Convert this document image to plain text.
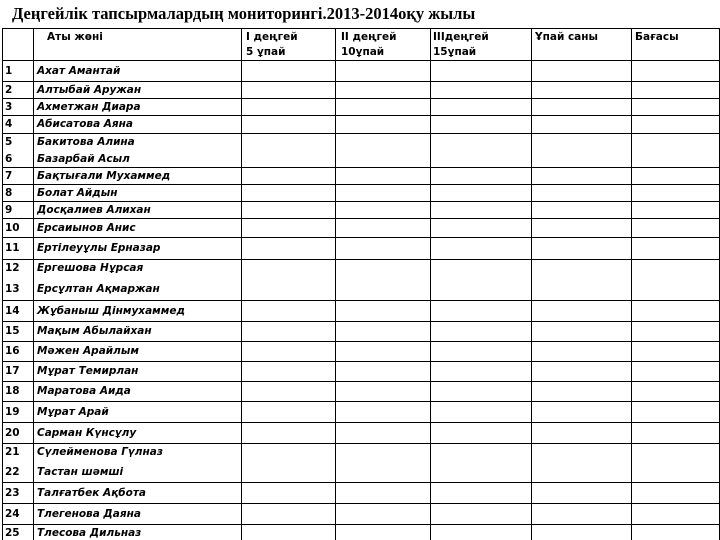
Деңгейлік тапсырмалардың мониторингі.2013-2014оқу жылы
Аты жөні	І деңгей
5 ұпай
ІІ деңгей
10ұпай
ІІІдеңгей
15ұпай
Ұпай саны	Бағасы
1 Ахат Амантай
2 Алтыбай Аружан
3 Ахметжан Диара
4 Абисатова Аяна
5 Бакитова Алина
6 Базарбай Асыл
7 Бақтығали Мухаммед
8 Болат Айдын
9 Досқалиев Алихан
10 Ерсаиынов Анис
11 Ертілеуұлы Ерназар
12 Ергешова Нұрсая
13 Ерсұлтан Ақмаржан
14 Жұбаныш Дінмухаммед
15 Мақым Абылайхан
16 Мәжен Арайлым
17 Мұрат Темирлан
18 Маратова Аида
19 Мұрат Арай
20 Сарман Күнсұлу
21 Сүлейменова Гүлназ
22 Тастан шәмші
23 Талғатбек Ақбота
24 Тлегенова Даяна
25 Тлесова Дильназ
